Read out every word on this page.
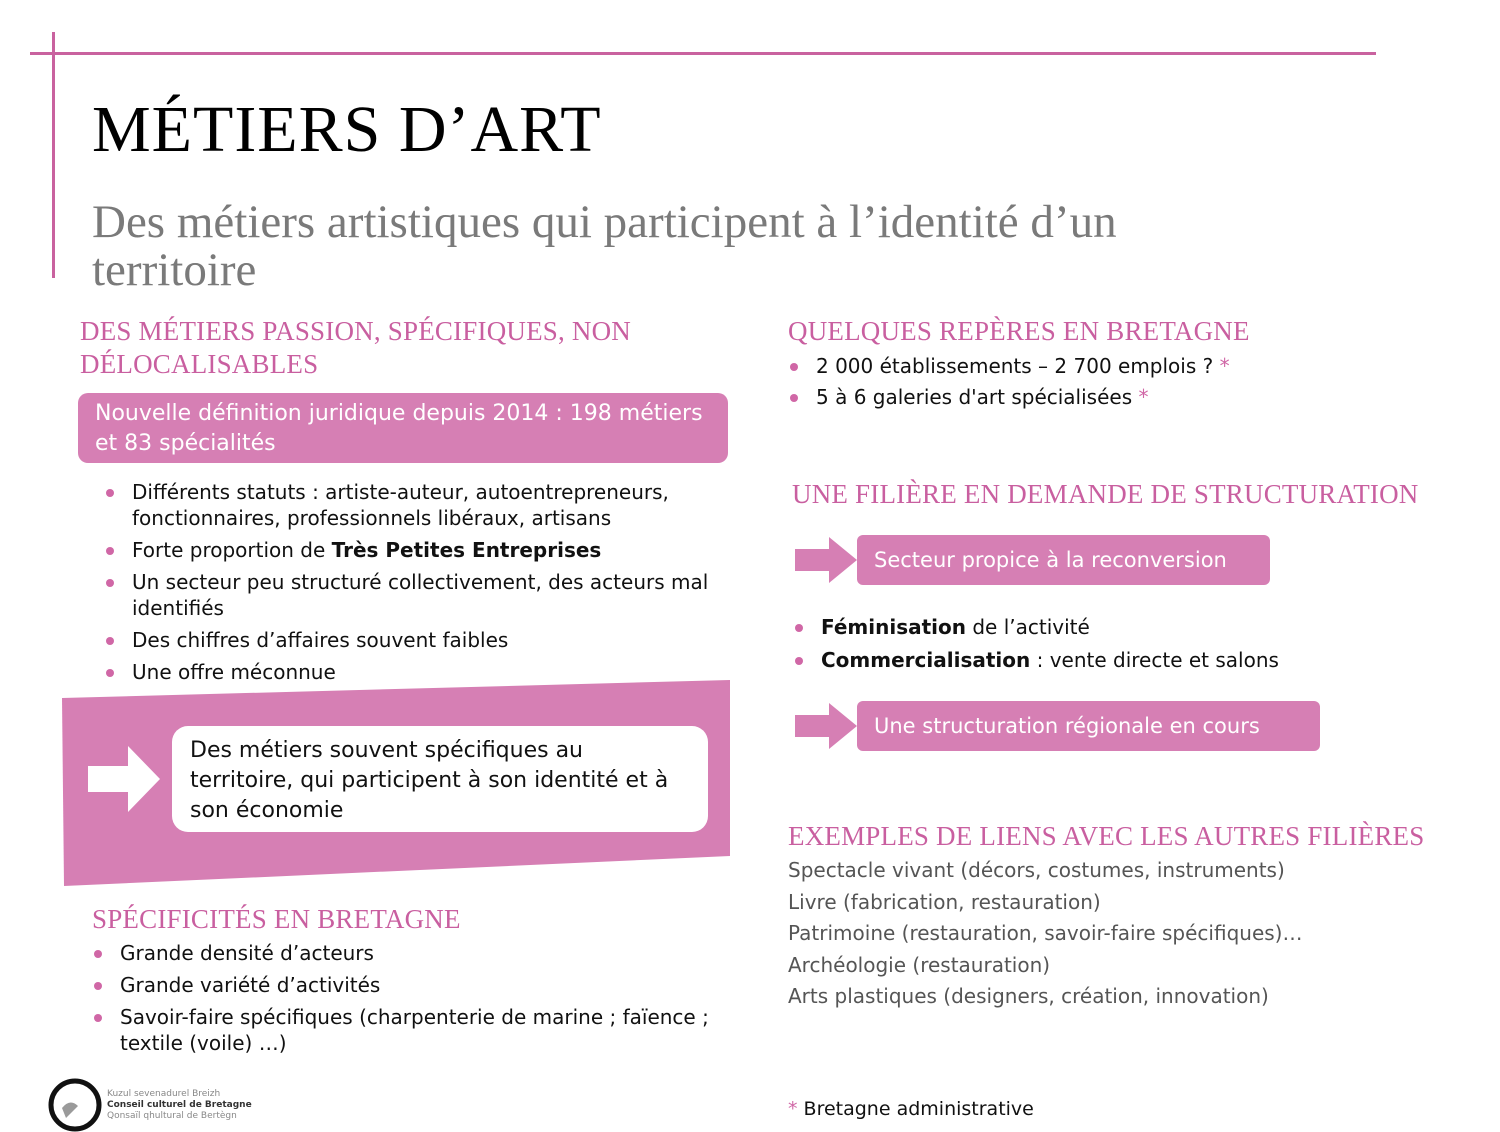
MÉTIERS D’ART
Des métiers artistiques qui participent à l’identité d’un territoire
DES MÉTIERS PASSION, SPÉCIFIQUES, NON DÉLOCALISABLES
Nouvelle définition juridique depuis 2014 : 198 métiers et 83 spécialités
Différents statuts : artiste-auteur, autoentrepreneurs, fonctionnaires, professionnels libéraux, artisans
Forte proportion de Très Petites Entreprises
Un secteur peu structuré collectivement, des acteurs mal identifiés
Des chiffres d’affaires souvent faibles
Une offre méconnue
Des métiers souvent spécifiques au territoire, qui participent à son identité et à son économie
SPÉCIFICITÉS EN BRETAGNE
Grande densité d’acteurs
Grande variété d’activités
Savoir-faire spécifiques (charpenterie de marine ; faïence ; textile (voile) …)
Kuzul sevenadurel Breizh
Conseil culturel de Bretagne
Qonsaïl qhultural de Bertègn
QUELQUES REPÈRES EN BRETAGNE
2 000 établissements – 2 700 emplois ? *
5 à 6 galeries d'art spécialisées *
UNE FILIÈRE EN DEMANDE DE STRUCTURATION
Secteur propice à la reconversion
Féminisation de l’activité
Commercialisation : vente directe et salons
Une structuration régionale en cours
EXEMPLES DE LIENS AVEC LES AUTRES FILIÈRES
Spectacle vivant (décors, costumes, instruments)
Livre (fabrication, restauration)
Patrimoine (restauration, savoir-faire spécifiques)…
Archéologie (restauration)
Arts plastiques (designers, création, innovation)
* Bretagne administrative
